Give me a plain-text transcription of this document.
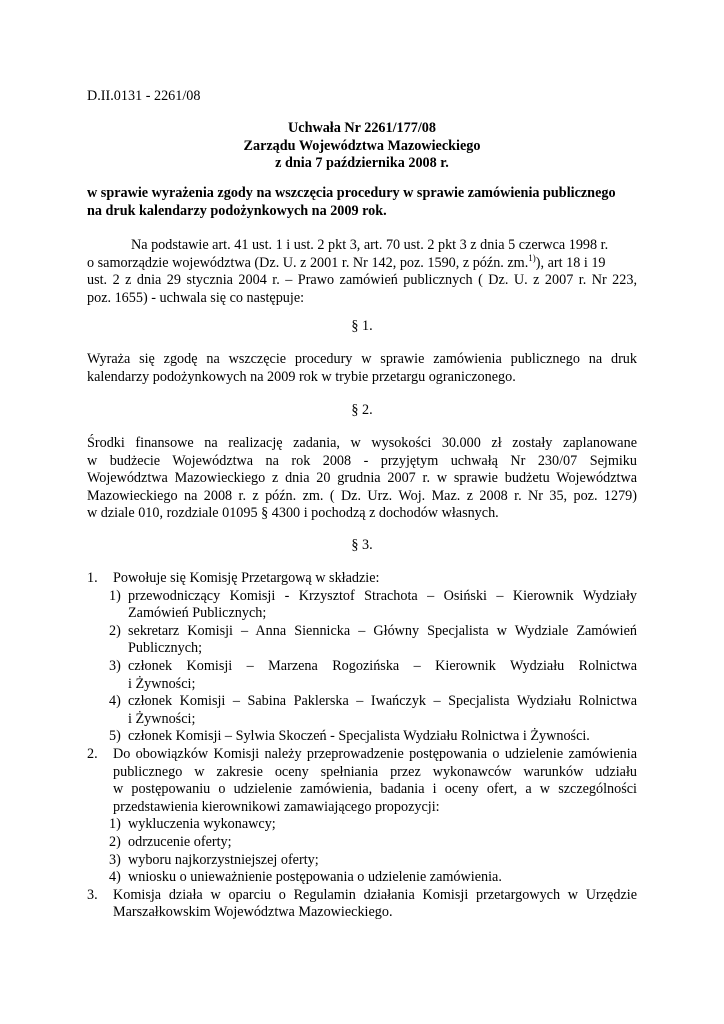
D.II.0131 - 2261/08
Uchwała Nr 2261/177/08
Zarządu Województwa Mazowieckiego
z dnia 7 października 2008 r.
w sprawie wyrażenia zgody na wszczęcia procedury w sprawie zamówienia publicznego
na druk kalendarzy podożynkowych na 2009 rok.
Na podstawie art. 41 ust. 1 i ust. 2 pkt 3, art. 70 ust. 2 pkt 3 z dnia 5 czerwca 1998 r.
o samorządzie województwa (Dz. U. z 2001 r. Nr 142, poz. 1590, z późn. zm.$^{1)}$), art 18 i 19
ust. 2 z dnia 29 stycznia 2004 r. – Prawo zamówień publicznych ( Dz. U. z 2007 r. Nr 223,
poz. 1655) - uchwala się co następuje:
§ 1.
Wyraża się zgodę na wszczęcie procedury w sprawie zamówienia publicznego na druk
kalendarzy podożynkowych na 2009 rok w trybie przetargu ograniczonego.
§ 2.
Środki finansowe na realizację zadania, w wysokości 30.000 zł zostały zaplanowane
w budżecie Województwa na rok 2008 - przyjętym uchwałą Nr 230/07 Sejmiku
Województwa Mazowieckiego z dnia 20 grudnia 2007 r. w sprawie budżetu Województwa
Mazowieckiego na 2008 r. z późn. zm. ( Dz. Urz. Woj. Maz. z 2008 r. Nr 35, poz. 1279)
w dziale 010, rozdziale 01095 § 4300 i pochodzą z dochodów własnych.
§ 3.
1. Powołuje się Komisję Przetargową w składzie:
1) przewodniczący Komisji - Krzysztof Strachota – Osiński – Kierownik Wydziały
Zamówień Publicznych;
2) sekretarz Komisji – Anna Siennicka – Główny Specjalista w Wydziale Zamówień
Publicznych;
3) członek Komisji – Marzena Rogozińska – Kierownik Wydziału Rolnictwa
i Żywności;
4) członek Komisji – Sabina Paklerska – Iwańczyk – Specjalista Wydziału Rolnictwa
i Żywności;
5) członek Komisji – Sylwia Skoczeń - Specjalista Wydziału Rolnictwa i Żywności.
2. Do obowiązków Komisji należy przeprowadzenie postępowania o udzielenie zamówienia
publicznego w zakresie oceny spełniania przez wykonawców warunków udziału
w postępowaniu o udzielenie zamówienia, badania i oceny ofert, a w szczególności
przedstawienia kierownikowi zamawiającego propozycji:
1) wykluczenia wykonawcy;
2) odrzucenie oferty;
3) wyboru najkorzystniejszej oferty;
4) wniosku o unieważnienie postępowania o udzielenie zamówienia.
3. Komisja działa w oparciu o Regulamin działania Komisji przetargowych w Urzędzie
Marszałkowskim Województwa Mazowieckiego.
